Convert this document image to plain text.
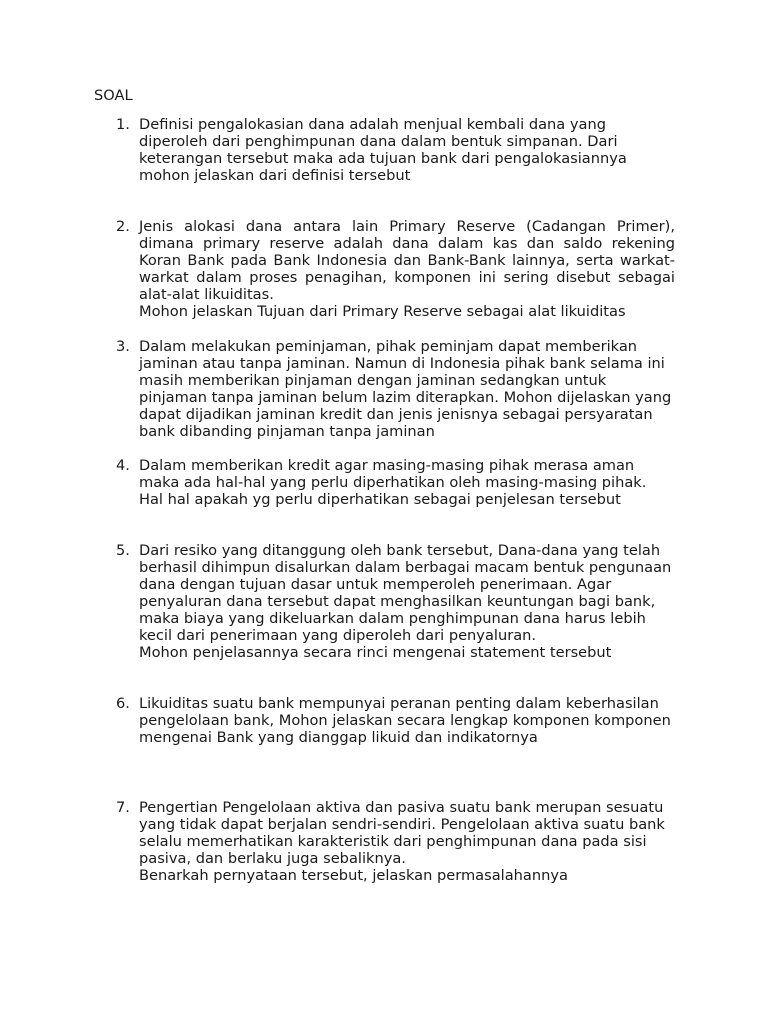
SOAL
1. Definisi pengalokasian dana adalah menjual kembali dana yang diperoleh dari penghimpunan dana dalam bentuk simpanan. Dari keterangan tersebut maka ada tujuan bank dari pengalokasiannya mohon jelaskan dari definisi tersebut

2. Jenis alokasi dana antara lain Primary Reserve (Cadangan Primer), dimana primary reserve adalah dana dalam kas dan saldo rekening Koran Bank pada Bank Indonesia dan Bank-Bank lainnya, serta warkat-warkat dalam proses penagihan, komponen ini sering disebut sebagai alat-alat likuiditas.

Mohon jelaskan Tujuan dari Primary Reserve sebagai alat likuiditas

3. Dalam melakukan peminjaman, pihak peminjam dapat memberikan jaminan atau tanpa jaminan. Namun di Indonesia pihak bank selama ini masih memberikan pinjaman dengan jaminan sedangkan untuk pinjaman tanpa jaminan belum lazim diterapkan. Mohon dijelaskan yang dapat dijadikan jaminan kredit dan jenis jenisnya sebagai persyaratan bank dibanding pinjaman tanpa jaminan

4. Dalam memberikan kredit agar masing-masing pihak merasa aman maka ada hal-hal yang perlu diperhatikan oleh masing-masing pihak.

Hal hal apakah yg perlu diperhatikan sebagai penjelesan tersebut

5. Dari resiko yang ditanggung oleh bank tersebut, Dana-dana yang telah berhasil dihimpun disalurkan dalam berbagai macam bentuk pengunaan dana dengan tujuan dasar untuk memperoleh penerimaan. Agar penyaluran dana tersebut dapat menghasilkan keuntungan bagi bank, maka biaya yang dikeluarkan dalam penghimpunan dana harus lebih kecil dari penerimaan yang diperoleh dari penyaluran.

Mohon penjelasannya secara rinci mengenai statement tersebut

6. Likuiditas suatu bank mempunyai peranan penting dalam keberhasilan pengelolaan bank, Mohon jelaskan secara lengkap komponen komponen mengenai Bank yang dianggap likuid dan indikatornya

7. Pengertian Pengelolaan aktiva dan pasiva suatu bank merupan sesuatu yang tidak dapat berjalan sendri-sendiri. Pengelolaan aktiva suatu bank selalu memerhatikan karakteristik dari penghimpunan dana pada sisi pasiva, dan berlaku juga sebaliknya.

Benarkah pernyataan tersebut, jelaskan permasalahannya
